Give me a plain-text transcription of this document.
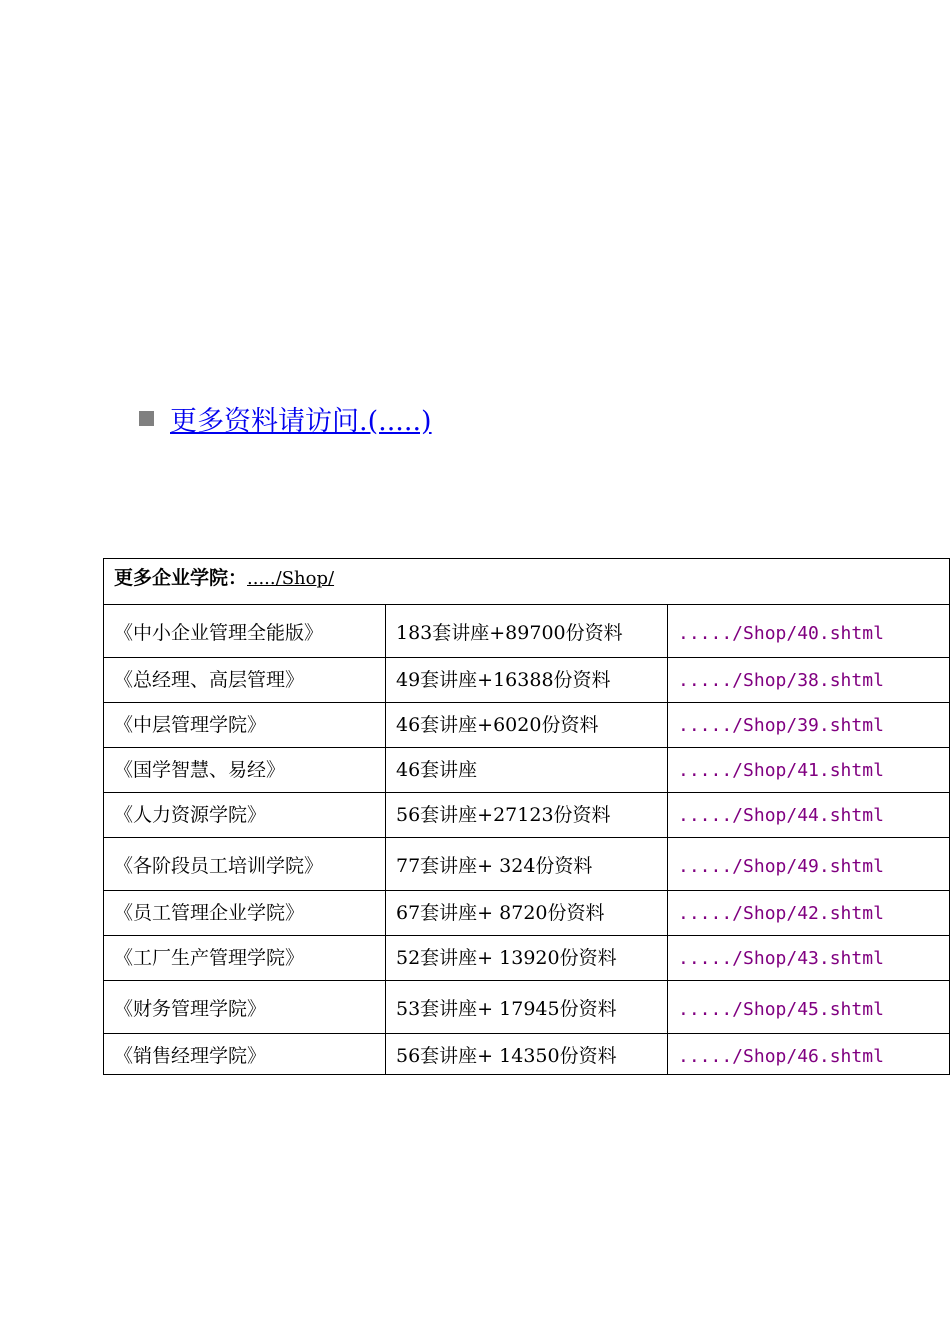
更多资料请访问.(.....)
更多企业学院：...../Shop/		
《中小企业管理全能版》	183套讲座+89700份资料	...../Shop/40.shtml
《总经理、高层管理》	49套讲座+16388份资料	...../Shop/38.shtml
《中层管理学院》	46套讲座+6020份资料	...../Shop/39.shtml
《国学智慧、易经》	46套讲座	...../Shop/41.shtml
《人力资源学院》	56套讲座+27123份资料	...../Shop/44.shtml
《各阶段员工培训学院》	77套讲座+ 324份资料	...../Shop/49.shtml
《员工管理企业学院》	67套讲座+ 8720份资料	...../Shop/42.shtml
《工厂生产管理学院》	52套讲座+ 13920份资料	...../Shop/43.shtml
《财务管理学院》	53套讲座+ 17945份资料	...../Shop/45.shtml
《销售经理学院》	56套讲座+ 14350份资料	...../Shop/46.shtml
